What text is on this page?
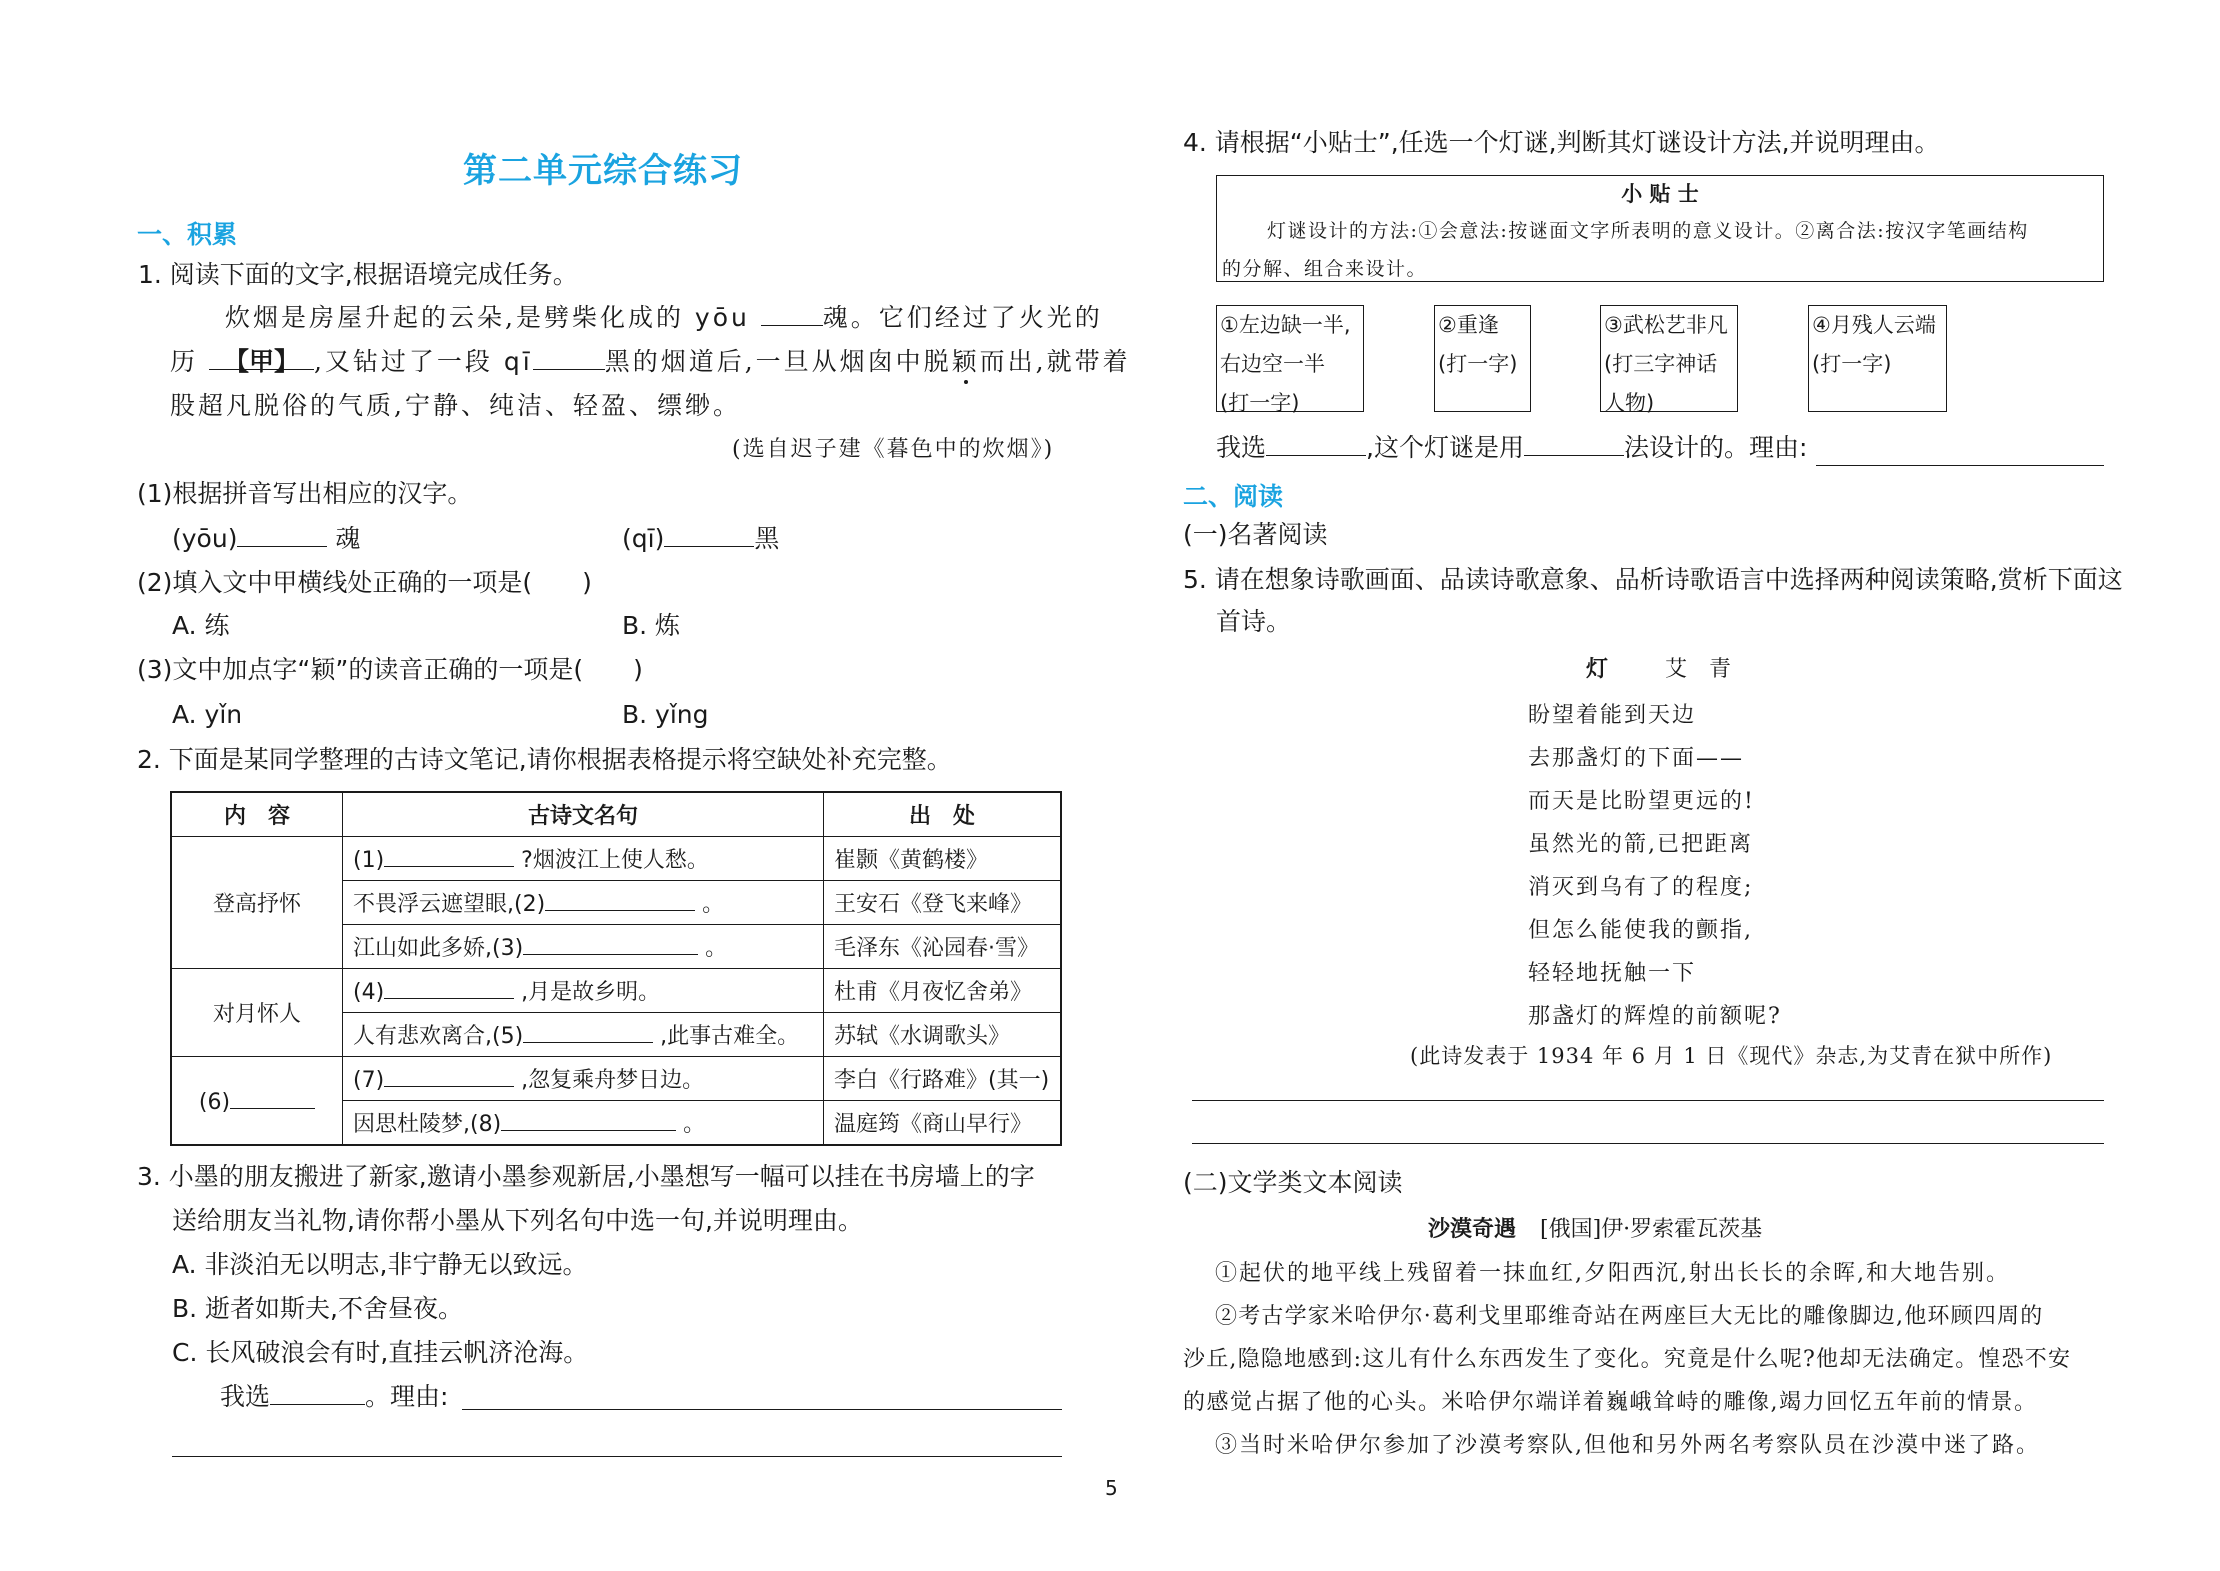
第二单元综合练习
一、积累
1. 阅读下面的文字,根据语境完成任务。
炊烟是房屋升起的云朵,是劈柴化成的 yōu	魂。它们经过了火光的
历 【甲】 ,又钻过了一段 qī	黑的烟道后,一旦从烟囱中脱颖而出,就带着
股超凡脱俗的气质,宁静、纯洁、轻盈、缥缈。
(选自迟子建《暮色中的炊烟》)
(1)根据拼音写出相应的汉字。
(yōu)	魂	(qī)	黑
(2)填入文中甲横线处正确的一项是(　　)
A. 练	B. 炼
(3)文中加点字“颖”的读音正确的一项是(　　)
A. yǐn	B. yǐng
2. 下面是某同学整理的古诗文笔记,请你根据表格提示将空缺处补充完整。
内　容	古诗文名句	出　处
登高抒怀	(1) ?烟波江上使人愁。	崔颢《黄鹤楼》
	不畏浮云遮望眼,(2) 。	王安石《登飞来峰》
	江山如此多娇,(3) 。	毛泽东《沁园春·雪》
对月怀人	(4) ,月是故乡明。	杜甫《月夜忆舍弟》
	人有悲欢离合,(5) ,此事古难全。	苏轼《水调歌头》
(6)	(7) ,忽复乘舟梦日边。	李白《行路难》(其一)
	因思杜陵梦,(8) 。	温庭筠《商山早行》
3. 小墨的朋友搬进了新家,邀请小墨参观新居,小墨想写一幅可以挂在书房墙上的字
送给朋友当礼物,请你帮小墨从下列名句中选一句,并说明理由。
A. 非淡泊无以明志,非宁静无以致远。
B. 逝者如斯夫,不舍昼夜。
C. 长风破浪会有时,直挂云帆济沧海。
我选	。理由:
5
4. 请根据“小贴士”,任选一个灯谜,判断其灯谜设计方法,并说明理由。
小 贴 士
灯谜设计的方法:①会意法:按谜面文字所表明的意义设计。②离合法:按汉字笔画结构
的分解、组合来设计。
①左边缺一半,
右边空一半
(打一字)
②重逢
(打一字)
③武松艺非凡
(打三字神话
人物)
④月残人云端
(打一字)
我选	,这个灯谜是用	法设计的。理由:
二、阅读
(一)名著阅读
5. 请在想象诗歌画面、品读诗歌意象、品析诗歌语言中选择两种阅读策略,赏析下面这
首诗。
灯	艾　青
盼望着能到天边
去那盏灯的下面——
而天是比盼望更远的!
虽然光的箭,已把距离
消灭到乌有了的程度;
但怎么能使我的颤指,
轻轻地抚触一下
那盏灯的辉煌的前额呢?
(此诗发表于 1934 年 6 月 1 日《现代》杂志,为艾青在狱中所作)
(二)文学类文本阅读
沙漠奇遇 [俄国]伊·罗索霍瓦茨基
①起伏的地平线上残留着一抹血红,夕阳西沉,射出长长的余晖,和大地告别。
②考古学家米哈伊尔·葛利戈里耶维奇站在两座巨大无比的雕像脚边,他环顾四周的
沙丘,隐隐地感到:这儿有什么东西发生了变化。究竟是什么呢?他却无法确定。惶恐不安
的感觉占据了他的心头。米哈伊尔端详着巍峨耸峙的雕像,竭力回忆五年前的情景。
③当时米哈伊尔参加了沙漠考察队,但他和另外两名考察队员在沙漠中迷了路。
